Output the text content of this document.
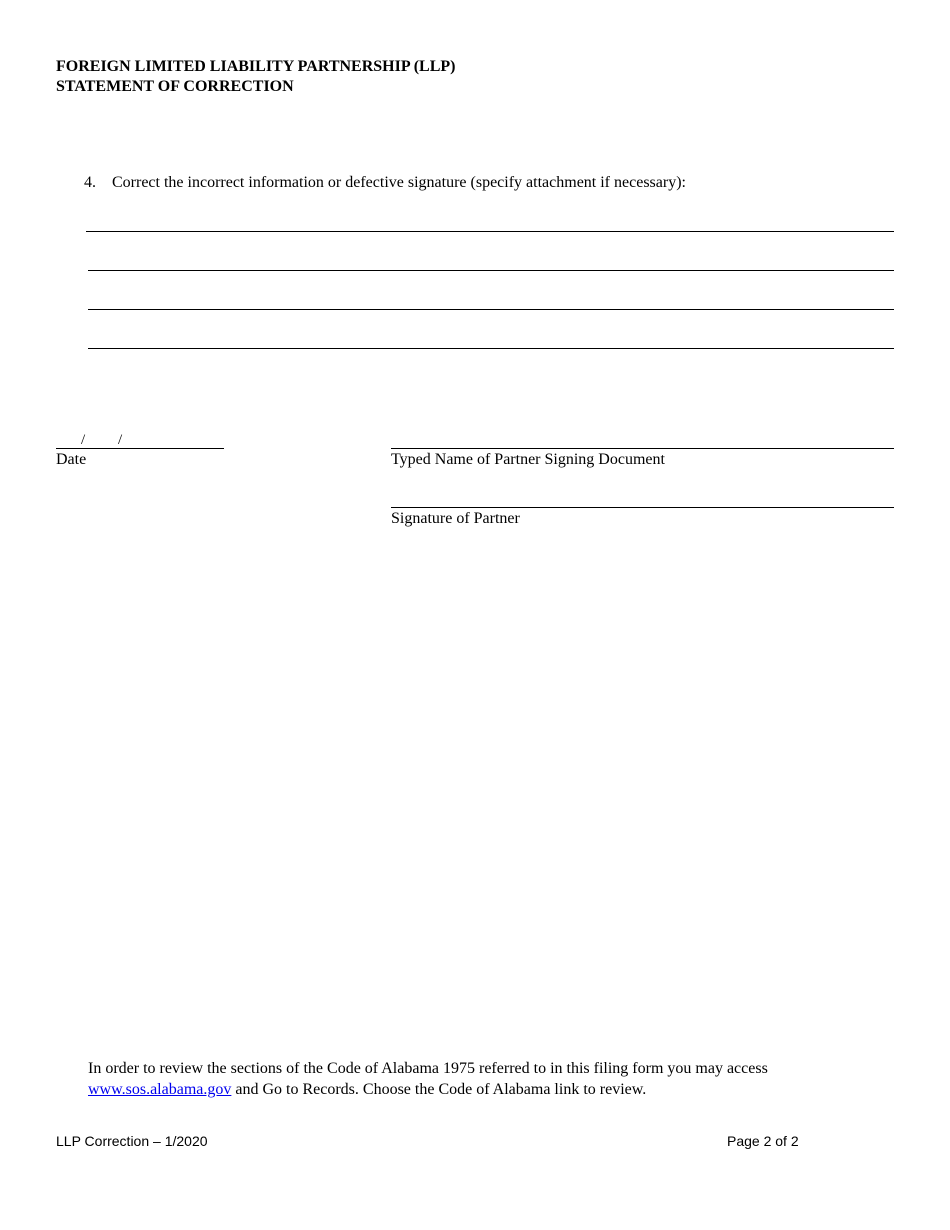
FOREIGN LIMITED LIABILITY PARTNERSHIP (LLP)
STATEMENT OF CORRECTION
4.	Correct the incorrect information or defective signature (specify attachment if necessary):
/ /
Date	Typed Name of Partner Signing Document
Signature of Partner
In order to review the sections of the Code of Alabama 1975 referred to in this filing form you may access
www.sos.alabama.gov and Go to Records. Choose the Code of Alabama link to review.
LLP Correction – 1/2020	Page 2 of 2
